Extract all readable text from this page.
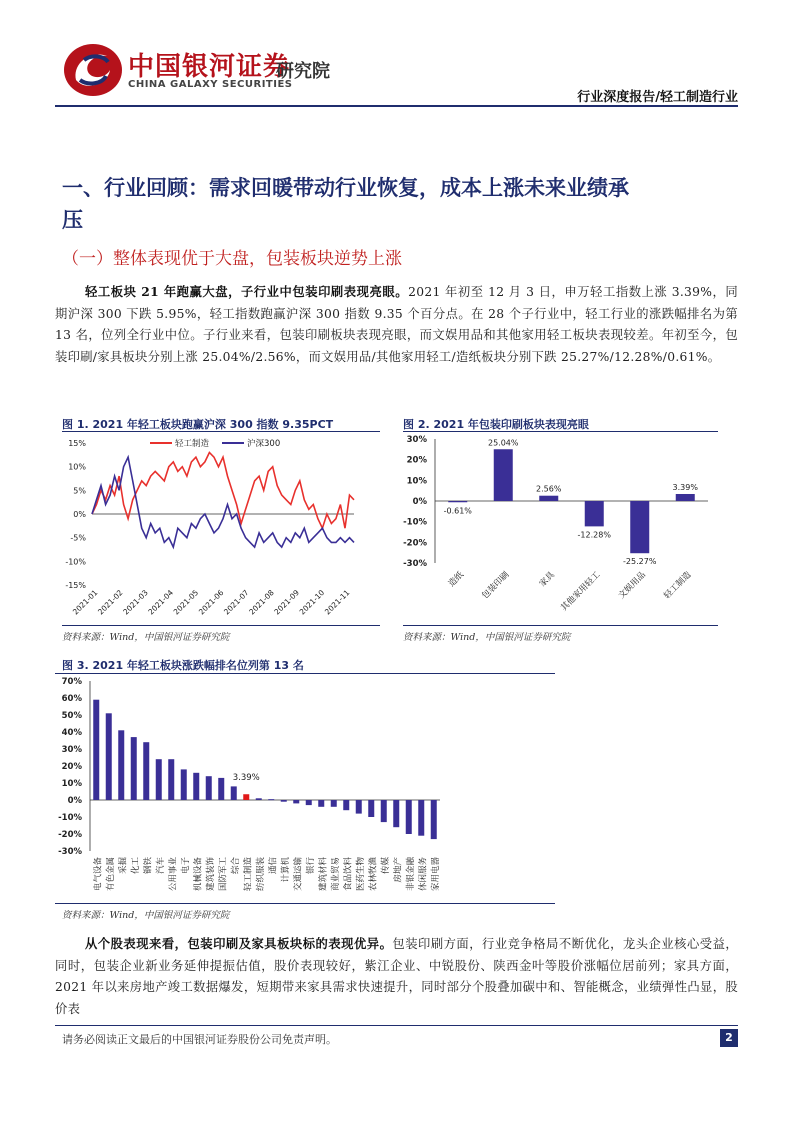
中国银河证券
研究院
CHINA GALAXY SECURITIES
行业深度报告/轻工制造行业
一、行业回顾：需求回暖带动行业恢复，成本上涨未来业绩承压
（一）整体表现优于大盘，包装板块逆势上涨
轻工板块 21 年跑赢大盘，子行业中包装印刷表现亮眼。2021 年初至 12 月 3 日，申万轻工指数上涨 3.39%，同期沪深 300 下跌 5.95%，轻工指数跑赢沪深 300 指数 9.35 个百分点。在 28 个子行业中，轻工行业的涨跌幅排名为第 13 名，位列全行业中位。子行业来看，包装印刷板块表现亮眼，而文娱用品和其他家用轻工板块表现较差。年初至今，包装印刷/家具板块分别上涨 25.04%/2.56%，而文娱用品/其他家用轻工/造纸板块分别下跌 25.27%/12.28%/0.61%。
图 1. 2021 年轻工板块跑赢沪深 300 指数 9.35PCT
15%
10%
5%
0%
-5%
-10%
-15%
2021-01
2021-02
2021-03
2021-04
2021-05
2021-06
2021-07
2021-08
2021-09
2021-10
2021-11
轻工制造	沪深300
资料来源：Wind，中国银河证券研究院
图 2. 2021 年包装印刷板块表现亮眼
30%
20%
10%
0%
-10%
-20%
-30%
-0.61%
造纸
25.04%
包装印刷
2.56%
家具
-12.28%
其他家用轻工
-25.27%
文娱用品
3.39%
轻工制造
资料来源：Wind，中国银河证券研究院
图 3. 2021 年轻工板块涨跌幅排名位列第 13 名
70%
60%
50%
40%
30%
20%
10%
0%
-10%
-20%
-30%
电气设备 有色金属 采掘 化工 钢铁 汽车 公用事业 电子 机械设备 建筑装饰 国防军工 综合
3.39%
轻工制造 纺织服装 通信 计算机 交通运输 银行 建筑材料 商业贸易 食品饮料 医药生物 农林牧渔 传媒 房地产 非银金融 休闲服务 家用电器
资料来源：Wind，中国银河证券研究院
从个股表现来看，包装印刷及家具板块标的表现优异。包装印刷方面，行业竞争格局不断优化，龙头企业核心受益，同时，包装企业新业务延伸提振估值，股价表现较好，紫江企业、中锐股份、陕西金叶等股价涨幅位居前列；家具方面，2021 年以来房地产竣工数据爆发，短期带来家具需求快速提升，同时部分个股叠加碳中和、智能概念，业绩弹性凸显，股价表
请务必阅读正文最后的中国银河证券股份公司免责声明。	2
